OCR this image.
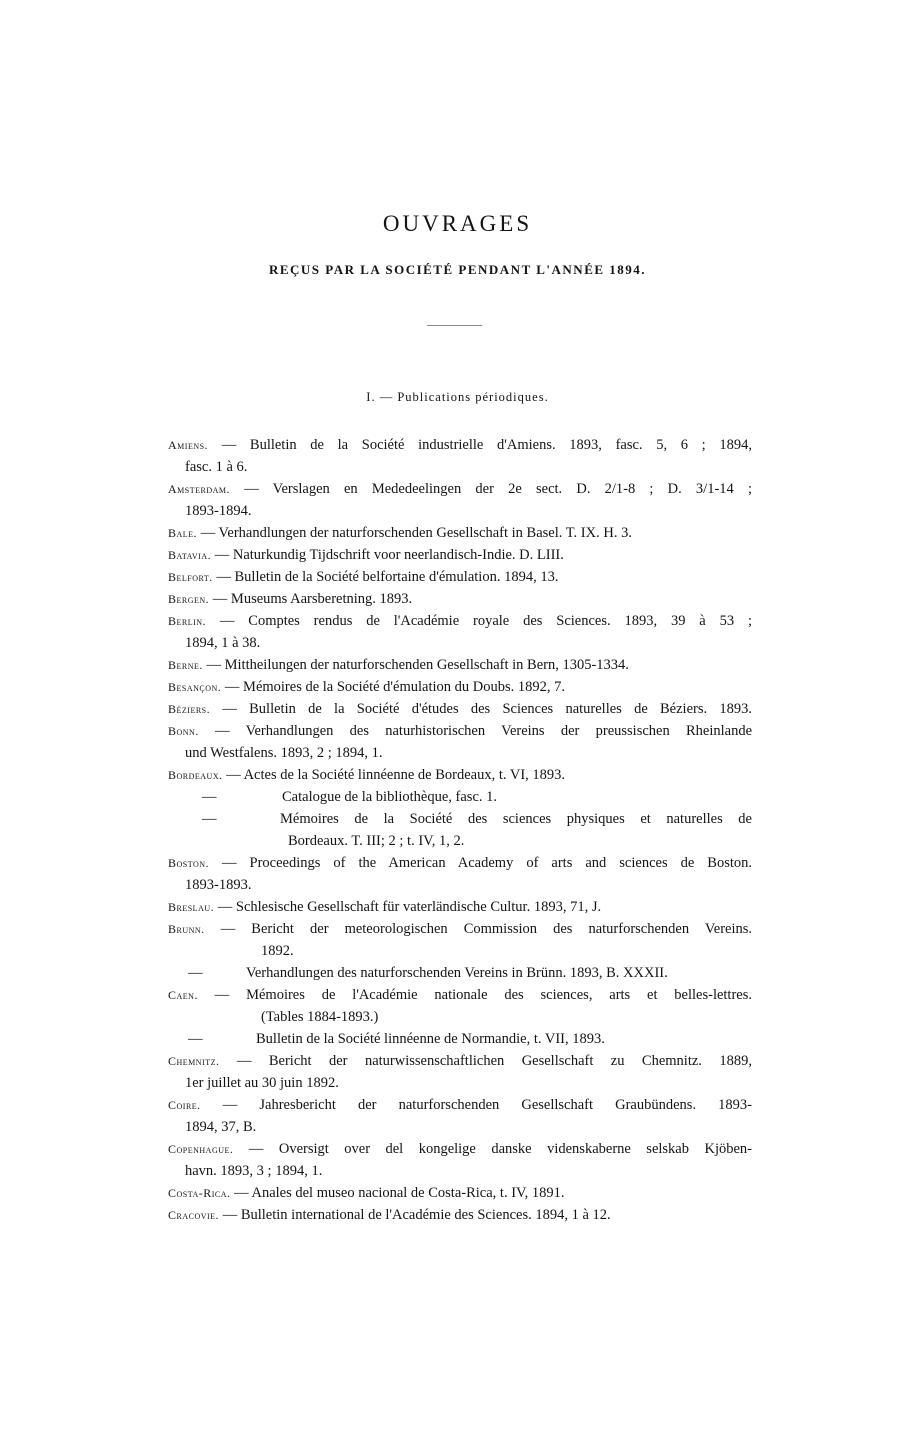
OUVRAGES
REÇUS PAR LA SOCIÉTÉ PENDANT L'ANNÉE 1894.
I. — Publications périodiques.
Amiens. — Bulletin de la Société industrielle d'Amiens. 1893, fasc. 5, 6 ; 1894,
fasc. 1 à 6.
Amsterdam. — Verslagen en Mededeelingen der 2e sect. D. 2/1-8 ; D. 3/1-14 ;
1893-1894.
Bale. — Verhandlungen der naturforschenden Gesellschaft in Basel. T. IX. H. 3.
Batavia. — Naturkundig Tijdschrift voor neerlandisch-Indie. D. LIII.
Belfort. — Bulletin de la Société belfortaine d'émulation. 1894, 13.
Bergen. — Museums Aarsberetning. 1893.
Berlin. — Comptes rendus de l'Académie royale des Sciences. 1893, 39 à 53 ;
1894, 1 à 38.
Berne. — Mittheilungen der naturforschenden Gesellschaft in Bern, 1305-1334.
Besançon. — Mémoires de la Société d'émulation du Doubs. 1892, 7.
Béziers. — Bulletin de la Société d'études des Sciences naturelles de Béziers. 1893.
Bonn. — Verhandlungen des naturhistorischen Vereins der preussischen Rheinlande
und Westfalens. 1893, 2 ; 1894, 1.
Bordeaux. — Actes de la Société linnéenne de Bordeaux, t. VI, 1893.
—	Catalogue de la bibliothèque, fasc. 1.
—	Mémoires de la Société des sciences physiques et naturelles de
Bordeaux. T. III; 2 ; t. IV, 1, 2.
Boston. — Proceedings of the American Academy of arts and sciences de Boston.
1893-1893.
Breslau. — Schlesische Gesellschaft für vaterländische Cultur. 1893, 71, J.
Brunn. — Bericht der meteorologischen Commission des naturforschenden Vereins.
1892.
—	Verhandlungen des naturforschenden Vereins in Brünn. 1893, B. XXXII.
Caen. — Mémoires de l'Académie nationale des sciences, arts et belles-lettres.
(Tables 1884-1893.)
—	Bulletin de la Société linnéenne de Normandie, t. VII, 1893.
Chemnitz. — Bericht der naturwissenschaftlichen Gesellschaft zu Chemnitz. 1889,
1er juillet au 30 juin 1892.
Coire. — Jahresbericht der naturforschenden Gesellschaft Graubündens. 1893-
1894, 37, B.
Copenhague. — Oversigt over del kongelige danske videnskaberne selskab Kjöben-
havn. 1893, 3 ; 1894, 1.
Costa-Rica. — Anales del museo nacional de Costa-Rica, t. IV, 1891.
Cracovie. — Bulletin international de l'Académie des Sciences. 1894, 1 à 12.
